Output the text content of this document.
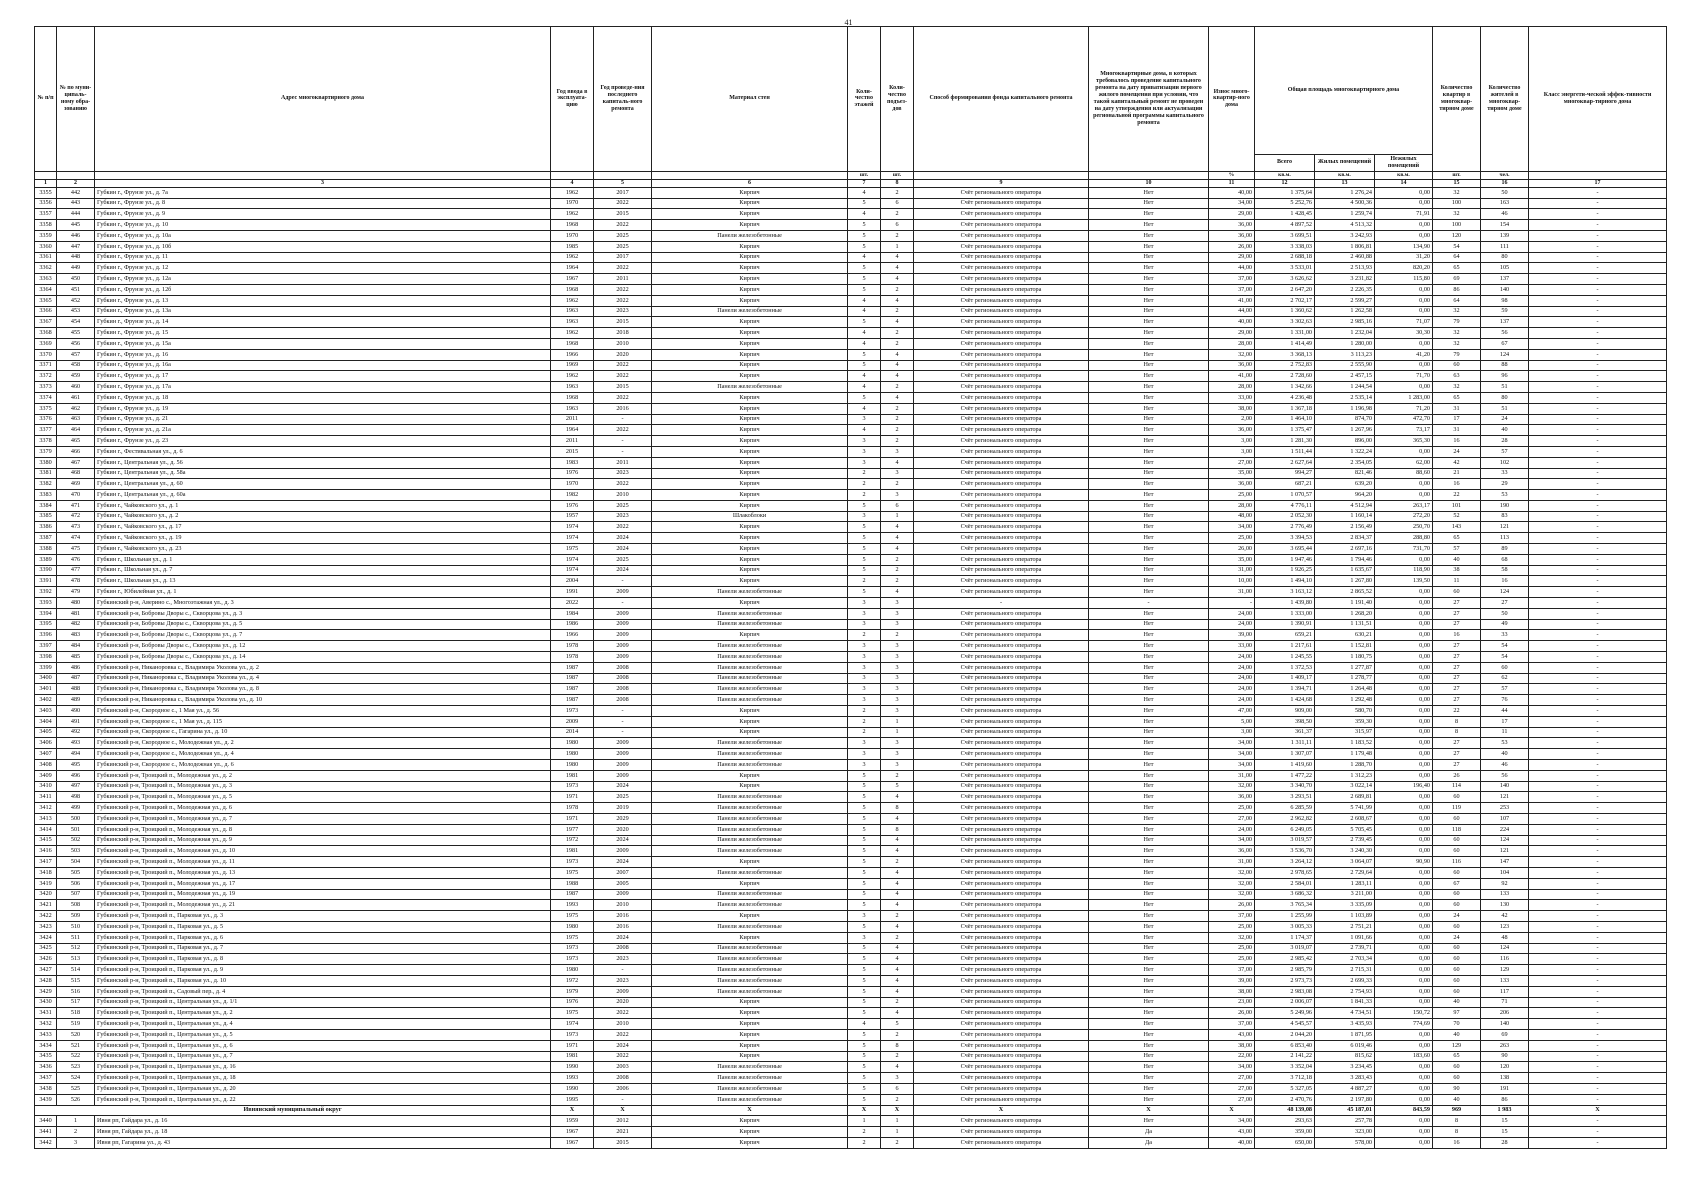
41
№ п/п	№ по муни-ципаль-ному обра-зованию	Адрес многоквартирного дома	Год ввода в эксплуата-цию	Год проведе-ния последнего капиталь-ного ремонта	Материал стен	Коли-чество этажей	Коли-чество подъез-дов	Способ формирования фонда капитального ремонта	Многоквартирные дома, в которых требовалось проведение капитального ремонта на дату приватизации первого жилого помещения при условии, что такой капитальный ремонт не проведен на дату утверждения или актуализации региональной программы капитального ремонта	Износ много-квартир-ного дома	Общая площадь многоквартирного дома			Количество квартир в многоквар-тирном доме	Количество жителей в многоквар-тирном доме	Класс энергети-ческой эффек-тивности многоквар-тирного дома
											Всего	Жилых помещений	Нежилых помещений			
						шт.	шт.			%	кв.м.	кв.м.	кв.м.	шт.	чел.	
1	2	3	4	5	6	7	8	9	10	11	12	13	14	15	16	17
3355	442	Губкин г., Фрунзе ул., д. 7а	1962	2017	Кирпич	4	2	Счёт регионального оператора	Нет	40,00	1 375,64	1 276,24	0,00	32	50	-
3356	443	Губкин г., Фрунзе ул., д. 8	1970	2022	Кирпич	5	6	Счёт регионального оператора	Нет	34,00	5 252,76	4 500,36	0,00	100	163	-
3357	444	Губкин г., Фрунзе ул., д. 9	1962	2015	Кирпич	4	2	Счёт регионального оператора	Нет	29,00	1 428,45	1 259,74	71,91	32	46	-
3358	445	Губкин г., Фрунзе ул., д. 10	1968	2022	Кирпич	5	6	Счёт регионального оператора	Нет	36,00	4 897,52	4 513,32	0,00	100	154	-
3359	446	Губкин г., Фрунзе ул., д. 10а	1970	2025	Панели железобетонные	5	2	Счёт регионального оператора	Нет	36,00	3 699,51	3 242,93	0,00	120	139	-
3360	447	Губкин г., Фрунзе ул., д. 10б	1985	2025	Кирпич	5	1	Счёт регионального оператора	Нет	26,00	3 338,03	1 806,81	134,90	54	111	-
3361	448	Губкин г., Фрунзе ул., д. 11	1962	2017	Кирпич	4	4	Счёт регионального оператора	Нет	29,00	2 688,18	2 460,88	31,20	64	80	-
3362	449	Губкин г., Фрунзе ул., д. 12	1964	2022	Кирпич	5	4	Счёт регионального оператора	Нет	44,00	3 533,01	2 513,93	820,20	65	105	-
3363	450	Губкин г., Фрунзе ул., д. 12а	1967	2011	Кирпич	5	4	Счёт регионального оператора	Нет	37,00	3 626,62	3 231,82	115,80	69	137	-
3364	451	Губкин г., Фрунзе ул., д. 12б	1968	2022	Кирпич	5	2	Счёт регионального оператора	Нет	37,00	2 647,20	2 226,35	0,00	86	140	-
3365	452	Губкин г., Фрунзе ул., д. 13	1962	2022	Кирпич	4	4	Счёт регионального оператора	Нет	41,00	2 702,17	2 599,27	0,00	64	98	-
3366	453	Губкин г., Фрунзе ул., д. 13а	1963	2023	Панели железобетонные	4	2	Счёт регионального оператора	Нет	44,00	1 360,62	1 262,58	0,00	32	59	-
3367	454	Губкин г., Фрунзе ул., д. 14	1963	2015	Кирпич	5	4	Счёт регионального оператора	Нет	40,00	3 302,63	2 985,16	71,07	79	137	-
3368	455	Губкин г., Фрунзе ул., д. 15	1962	2018	Кирпич	4	2	Счёт регионального оператора	Нет	29,00	1 331,00	1 232,04	30,30	32	56	-
3369	456	Губкин г., Фрунзе ул., д. 15а	1968	2010	Кирпич	4	2	Счёт регионального оператора	Нет	28,00	1 414,49	1 280,00	0,00	32	67	-
3370	457	Губкин г., Фрунзе ул., д. 16	1966	2020	Кирпич	5	4	Счёт регионального оператора	Нет	32,00	3 368,13	3 113,23	41,20	79	124	-
3371	458	Губкин г., Фрунзе ул., д. 16а	1969	2022	Кирпич	5	4	Счёт регионального оператора	Нет	36,00	2 752,83	2 555,90	0,00	60	88	-
3372	459	Губкин г., Фрунзе ул., д. 17	1962	2022	Кирпич	4	4	Счёт регионального оператора	Нет	41,00	2 728,60	2 457,15	71,70	63	96	-
3373	460	Губкин г., Фрунзе ул., д. 17а	1963	2015	Панели железобетонные	4	2	Счёт регионального оператора	Нет	28,00	1 342,66	1 244,54	0,00	32	51	-
3374	461	Губкин г., Фрунзе ул., д. 18	1968	2022	Кирпич	5	4	Счёт регионального оператора	Нет	33,00	4 236,48	2 535,14	1 283,00	65	80	-
3375	462	Губкин г., Фрунзе ул., д. 19	1963	2016	Кирпич	4	2	Счёт регионального оператора	Нет	38,00	1 367,18	1 196,98	71,20	31	51	-
3376	463	Губкин г., Фрунзе ул., д. 21	2011	-	Кирпич	3	2	Счёт регионального оператора	Нет	2,00	1 464,10	874,70	472,70	17	24	-
3377	464	Губкин г., Фрунзе ул., д. 21а	1964	2022	Кирпич	4	2	Счёт регионального оператора	Нет	36,00	1 375,47	1 267,96	73,17	31	40	-
3378	465	Губкин г., Фрунзе ул., д. 23	2011	-	Кирпич	3	2	Счёт регионального оператора	Нет	3,00	1 281,30	896,00	365,30	16	28	-
3379	466	Губкин г., Фестивальная ул., д. 6	2015	-	Кирпич	3	3	Счёт регионального оператора	Нет	3,00	1 511,44	1 322,24	0,00	24	57	-
3380	467	Губкин г., Центральная ул., д. 56	1983	2011	Кирпич	3	4	Счёт регионального оператора	Нет	27,00	2 627,64	2 354,05	62,00	42	102	-
3381	468	Губкин г., Центральная ул., д. 58а	1976	2023	Кирпич	2	3	Счёт регионального оператора	Нет	35,00	994,27	821,46	88,60	21	33	-
3382	469	Губкин г., Центральная ул., д. 60	1970	2022	Кирпич	2	2	Счёт регионального оператора	Нет	36,00	687,21	639,20	0,00	16	29	-
3383	470	Губкин г., Центральная ул., д. 60а	1982	2010	Кирпич	2	3	Счёт регионального оператора	Нет	25,00	1 070,57	964,20	0,00	22	53	-
3384	471	Губкин г., Чайковского ул., д. 1	1976	2025	Кирпич	5	6	Счёт регионального оператора	Нет	28,00	4 776,11	4 512,94	263,17	101	190	-
3385	472	Губкин г., Чайковского ул., д. 2	1957	2023	Шлакоблоки	3	1	Счёт регионального оператора	Нет	48,00	2 052,30	1 160,14	272,20	52	83	-
3386	473	Губкин г., Чайковского ул., д. 17	1974	2022	Кирпич	5	4	Счёт регионального оператора	Нет	34,00	2 776,49	2 156,49	250,70	143	121	-
3387	474	Губкин г., Чайковского ул., д. 19	1974	2024	Кирпич	5	4	Счёт регионального оператора	Нет	25,00	3 394,53	2 834,37	288,80	65	113	-
3388	475	Губкин г., Чайковского ул., д. 23	1975	2024	Кирпич	5	4	Счёт регионального оператора	Нет	26,00	3 695,44	2 697,16	731,70	57	89	-
3389	476	Губкин г., Школьная ул., д. 1	1974	2025	Кирпич	5	2	Счёт регионального оператора	Нет	35,00	1 947,46	1 794,46	0,00	40	68	-
3390	477	Губкин г., Школьная ул., д. 7	1974	2024	Кирпич	5	2	Счёт регионального оператора	Нет	31,00	1 926,25	1 635,67	118,90	38	58	-
3391	478	Губкин г., Школьная ул., д. 13	2004	-	Кирпич	2	2	Счёт регионального оператора	Нет	10,00	1 494,10	1 267,80	139,50	11	16	-
3392	479	Губкин г., Юбилейная ул., д. 1	1991	2009	Панели железобетонные	5	4	Счёт регионального оператора	Нет	31,00	3 163,12	2 865,52	0,00	60	124	-
3393	480	Губкинский р-н, Аверино с., Многоэтажная ул., д. 3	2022	-	Кирпич	3	3	-	-	-	1 439,80	1 191,40	0,00	27	27	-
3394	481	Губкинский р-н, Бобровы Дворы с., Скворцова ул., д. 3	1984	2009	Панели железобетонные	3	3	Счёт регионального оператора	Нет	24,00	1 333,00	1 268,20	0,00	27	50	-
3395	482	Губкинский р-н, Бобровы Дворы с., Скворцова ул., д. 5	1986	2009	Панели железобетонные	3	3	Счёт регионального оператора	Нет	24,00	1 390,91	1 131,51	0,00	27	49	-
3396	483	Губкинский р-н, Бобровы Дворы с., Скворцова ул., д. 7	1966	2009	Кирпич	2	2	Счёт регионального оператора	Нет	39,00	659,21	630,21	0,00	16	33	-
3397	484	Губкинский р-н, Бобровы Дворы с., Скворцова ул., д. 12	1978	2009	Панели железобетонные	3	3	Счёт регионального оператора	Нет	33,00	1 217,61	1 152,81	0,00	27	54	-
3398	485	Губкинский р-н, Бобровы Дворы с., Скворцова ул., д. 14	1978	2009	Панели железобетонные	3	3	Счёт регионального оператора	Нет	24,00	1 245,55	1 180,75	0,00	27	54	-
3399	486	Губкинский р-н, Никаноровка с., Владимира Уколова ул., д. 2	1987	2008	Панели железобетонные	3	3	Счёт регионального оператора	Нет	24,00	1 372,53	1 277,87	0,00	27	60	-
3400	487	Губкинский р-н, Никаноровка с., Владимира Уколова ул., д. 4	1987	2008	Панели железобетонные	3	3	Счёт регионального оператора	Нет	24,00	1 409,17	1 278,77	0,00	27	62	-
3401	488	Губкинский р-н, Никаноровка с., Владимира Уколова ул., д. 8	1987	2008	Панели железобетонные	3	3	Счёт регионального оператора	Нет	24,00	1 394,71	1 264,48	0,00	27	57	-
3402	489	Губкинский р-н, Никаноровка с., Владимира Уколова ул., д. 10	1987	2008	Панели железобетонные	3	3	Счёт регионального оператора	Нет	24,00	1 424,68	1 292,48	0,00	27	76	-
3403	490	Губкинский р-н, Скородное с., 1 Мая ул., д. 56	1973	-	Кирпич	2	3	Счёт регионального оператора	Нет	47,00	909,00	580,70	0,00	22	44	-
3404	491	Губкинский р-н, Скородное с., 1 Мая ул., д. 115	2009	-	Кирпич	2	1	Счёт регионального оператора	Нет	5,00	398,50	359,30	0,00	8	17	-
3405	492	Губкинский р-н, Скородное с., Гагарина ул., д. 10	2014	-	Кирпич	2	1	Счёт регионального оператора	Нет	3,00	361,37	315,97	0,00	8	11	-
3406	493	Губкинский р-н, Скородное с., Молодежная ул., д. 2	1980	2009	Панели железобетонные	3	3	Счёт регионального оператора	Нет	34,00	1 311,11	1 183,52	0,00	27	53	-
3407	494	Губкинский р-н, Скородное с., Молодежная ул., д. 4	1980	2009	Панели железобетонные	3	3	Счёт регионального оператора	Нет	34,00	1 307,07	1 179,48	0,00	27	40	-
3408	495	Губкинский р-н, Скородное с., Молодежная ул., д. 6	1980	2009	Панели железобетонные	3	3	Счёт регионального оператора	Нет	34,00	1 419,60	1 288,70	0,00	27	46	-
3409	496	Губкинский р-н, Троицкий п., Молодежная ул., д. 2	1981	2009	Кирпич	5	2	Счёт регионального оператора	Нет	31,00	1 477,22	1 312,23	0,00	26	56	-
3410	497	Губкинский р-н, Троицкий п., Молодежная ул., д. 3	1973	2024	Кирпич	5	5	Счёт регионального оператора	Нет	32,00	3 340,70	3 022,14	196,40	114	140	-
3411	498	Губкинский р-н, Троицкий п., Молодежная ул., д. 5	1971	2025	Панели железобетонные	5	4	Счёт регионального оператора	Нет	36,00	3 293,51	2 689,81	0,00	60	121	-
3412	499	Губкинский р-н, Троицкий п., Молодежная ул., д. 6	1978	2019	Панели железобетонные	5	8	Счёт регионального оператора	Нет	25,00	6 285,59	5 741,99	0,00	119	253	-
3413	500	Губкинский р-н, Троицкий п., Молодежная ул., д. 7	1971	2029	Панели железобетонные	5	4	Счёт регионального оператора	Нет	27,00	2 962,82	2 608,67	0,00	60	107	-
3414	501	Губкинский р-н, Троицкий п., Молодежная ул., д. 8	1977	2020	Панели железобетонные	5	8	Счёт регионального оператора	Нет	24,00	6 249,05	5 705,45	0,00	118	224	-
3415	502	Губкинский р-н, Троицкий п., Молодежная ул., д. 9	1972	2024	Панели железобетонные	5	4	Счёт регионального оператора	Нет	34,00	3 019,57	2 739,45	0,00	60	124	-
3416	503	Губкинский р-н, Троицкий п., Молодежная ул., д. 10	1981	2009	Панели железобетонные	5	4	Счёт регионального оператора	Нет	36,00	3 536,70	3 240,30	0,00	60	121	-
3417	504	Губкинский р-н, Троицкий п., Молодежная ул., д. 11	1973	2024	Кирпич	5	2	Счёт регионального оператора	Нет	31,00	3 264,12	3 064,07	90,90	116	147	-
3418	505	Губкинский р-н, Троицкий п., Молодежная ул., д. 13	1975	2007	Панели железобетонные	5	4	Счёт регионального оператора	Нет	32,00	2 978,65	2 729,64	0,00	60	104	-
3419	506	Губкинский р-н, Троицкий п., Молодежная ул., д. 17	1988	2005	Кирпич	5	4	Счёт регионального оператора	Нет	32,00	2 584,01	1 283,11	0,00	67	92	-
3420	507	Губкинский р-н, Троицкий п., Молодежная ул., д. 19	1987	2009	Панели железобетонные	5	4	Счёт регионального оператора	Нет	32,00	3 686,32	3 211,00	0,00	60	133	-
3421	508	Губкинский р-н, Троицкий п., Молодежная ул., д. 21	1993	2010	Панели железобетонные	5	4	Счёт регионального оператора	Нет	26,00	3 765,34	3 335,09	0,00	60	130	-
3422	509	Губкинский р-н, Троицкий п., Парковая ул., д. 3	1975	2016	Кирпич	3	2	Счёт регионального оператора	Нет	37,00	1 255,99	1 103,89	0,00	24	42	-
3423	510	Губкинский р-н, Троицкий п., Парковая ул., д. 5	1980	2016	Панели железобетонные	5	4	Счёт регионального оператора	Нет	25,00	3 005,33	2 751,21	0,00	60	123	-
3424	511	Губкинский р-н, Троицкий п., Парковая ул., д. 6	1975	2024	Кирпич	3	2	Счёт регионального оператора	Нет	32,00	1 174,37	1 091,66	0,00	24	48	-
3425	512	Губкинский р-н, Троицкий п., Парковая ул., д. 7	1973	2008	Панели железобетонные	5	4	Счёт регионального оператора	Нет	25,00	3 019,07	2 739,71	0,00	60	124	-
3426	513	Губкинский р-н, Троицкий п., Парковая ул., д. 8	1973	2023	Панели железобетонные	5	4	Счёт регионального оператора	Нет	25,00	2 985,42	2 703,34	0,00	60	116	-
3427	514	Губкинский р-н, Троицкий п., Парковая ул., д. 9	1980	-	Панели железобетонные	5	4	Счёт регионального оператора	Нет	37,00	2 985,79	2 715,31	0,00	60	129	-
3428	515	Губкинский р-н, Троицкий п., Парковая ул., д. 10	1972	2023	Панели железобетонные	5	4	Счёт регионального оператора	Нет	39,00	2 973,73	2 699,33	0,00	60	133	-
3429	516	Губкинский р-н, Троицкий п., Садовый пер., д. 4	1979	2009	Панели железобетонные	5	4	Счёт регионального оператора	Нет	38,00	2 983,08	2 754,93	0,00	60	117	-
3430	517	Губкинский р-н, Троицкий п., Центральная ул., д. 1/1	1976	2020	Кирпич	5	2	Счёт регионального оператора	Нет	23,00	2 006,07	1 841,33	0,00	40	71	-
3431	518	Губкинский р-н, Троицкий п., Центральная ул., д. 2	1975	2022	Кирпич	5	4	Счёт регионального оператора	Нет	26,00	5 249,96	4 734,51	150,72	97	206	-
3432	519	Губкинский р-н, Троицкий п., Центральная ул., д. 4	1974	2010	Кирпич	4	5	Счёт регионального оператора	Нет	37,00	4 545,57	3 435,93	774,69	70	140	-
3433	520	Губкинский р-н, Троицкий п., Центральная ул., д. 5	1973	2022	Кирпич	5	2	Счёт регионального оператора	Нет	43,00	2 044,20	1 871,95	0,00	40	69	-
3434	521	Губкинский р-н, Троицкий п., Центральная ул., д. 6	1971	2024	Кирпич	5	8	Счёт регионального оператора	Нет	38,00	6 853,40	6 019,46	0,00	129	263	-
3435	522	Губкинский р-н, Троицкий п., Центральная ул., д. 7	1981	2022	Кирпич	5	2	Счёт регионального оператора	Нет	22,00	2 141,22	815,62	183,60	65	90	-
3436	523	Губкинский р-н, Троицкий п., Центральная ул., д. 16	1990	2003	Панели железобетонные	5	4	Счёт регионального оператора	Нет	34,00	3 352,04	3 234,45	0,00	60	120	-
3437	524	Губкинский р-н, Троицкий п., Центральная ул., д. 18	1993	2008	Панели железобетонные	5	3	Счёт регионального оператора	Нет	27,00	3 712,18	3 283,43	0,00	60	138	-
3438	525	Губкинский р-н, Троицкий п., Центральная ул., д. 20	1990	2006	Панели железобетонные	5	6	Счёт регионального оператора	Нет	27,00	5 327,05	4 887,27	0,00	90	191	-
3439	526	Губкинский р-н, Троицкий п., Центральная ул., д. 22	1995	-	Панели железобетонные	5	2	Счёт регионального оператора	Нет	27,00	2 470,76	2 197,80	0,00	40	86	-
Ивнянский муниципальный округ			X	X	X	X	X	X	X	X	48 139,08	45 187,01	843,59	969	1 983	X
3440	1	Ивня рп, Гайдара ул., д. 16	1959	2012	Кирпич	1	1	Счёт регионального оператора	Нет	34,00	293,63	257,78	0,00	8	15	-
3441	2	Ивня рп, Гайдара ул., д. 18	1967	2021	Кирпич	2	1	Счёт регионального оператора	Да	43,00	359,00	323,00	0,00	8	15	-
3442	3	Ивня рп, Гагарина ул., д. 43	1967	2015	Кирпич	2	2	Счёт регионального оператора	Да	40,00	650,00	578,00	0,00	16	28	-
